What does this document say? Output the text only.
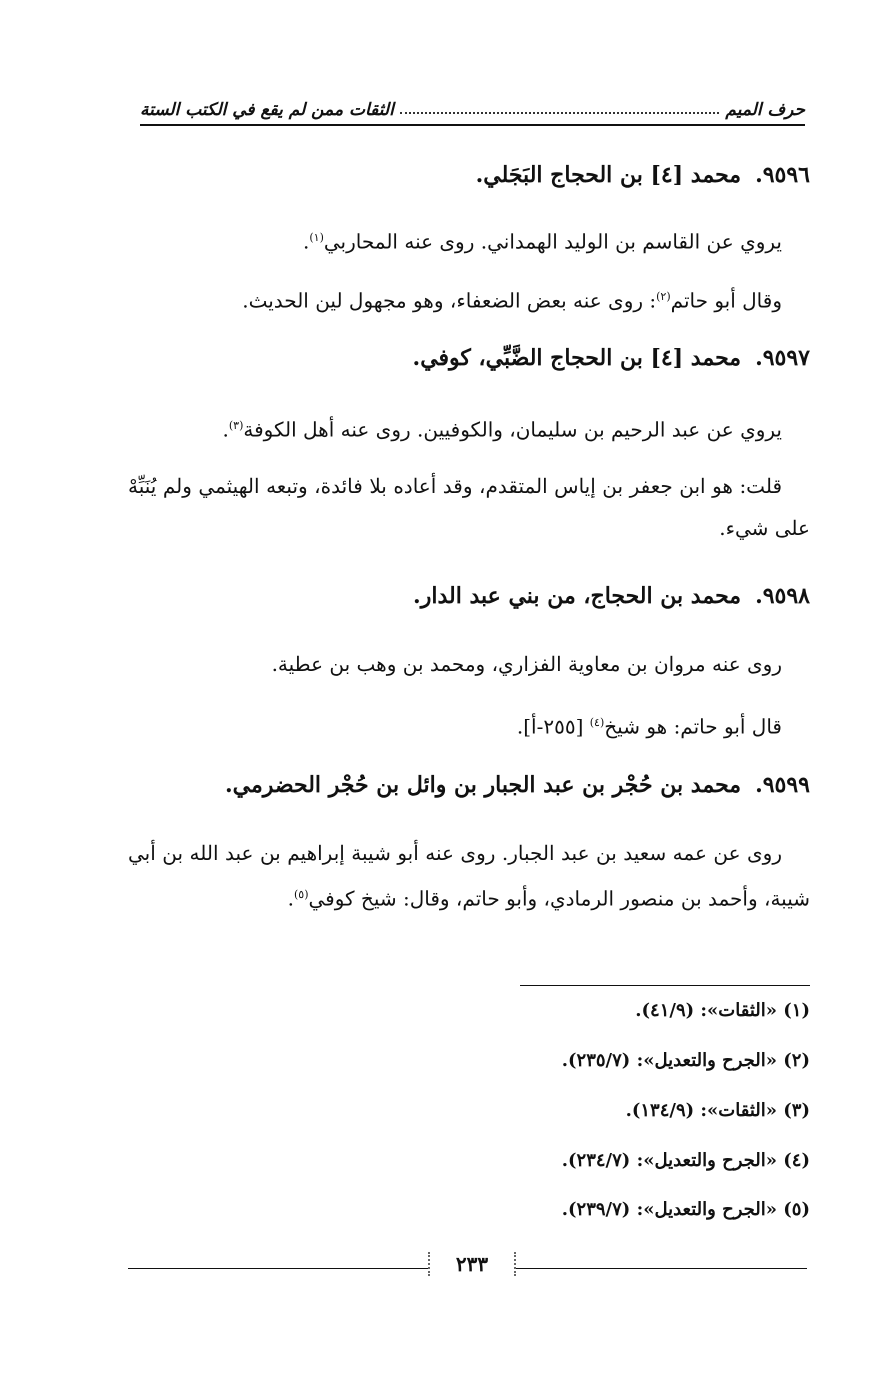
حرف الميم
الثقات ممن لم يقع في الكتب الستة
٩٥٩٦.محمد [٤] بن الحجاج البَجَلي.
يروي عن القاسم بن الوليد الهمداني. روى عنه المحاربي$^{(١)}$.
وقال أبو حاتم$^{(٢)}$: روى عنه بعض الضعفاء، وهو مجهول لين الحديث.
٩٥٩٧.محمد [٤] بن الحجاج الضَّبِّي، كوفي.
يروي عن عبد الرحيم بن سليمان، والكوفيين. روى عنه أهل الكوفة$^{(٣)}$.
قلت: هو ابن جعفر بن إياس المتقدم، وقد أعاده بلا فائدة، وتبعه الهيثمي ولم يُنَبِّهْ على شيء.
٩٥٩٨.محمد بن الحجاج، من بني عبد الدار.
روى عنه مروان بن معاوية الفزاري، ومحمد بن وهب بن عطية.
قال أبو حاتم: هو شيخ$^{(٤)}$ [٢٥٥-أ].
٩٥٩٩.محمد بن حُجْر بن عبد الجبار بن وائل بن حُجْر الحضرمي.
روى عن عمه سعيد بن عبد الجبار. روى عنه أبو شيبة إبراهيم بن عبد الله بن أبي شيبة، وأحمد بن منصور الرمادي، وأبو حاتم، وقال: شيخ كوفي$^{(٥)}$.
(١) «الثقات»: (٤١/٩).
(٢) «الجرح والتعديل»: (٢٣٥/٧).
(٣) «الثقات»: (١٣٤/٩).
(٤) «الجرح والتعديل»: (٢٣٤/٧).
(٥) «الجرح والتعديل»: (٢٣٩/٧).
٢٣٣
